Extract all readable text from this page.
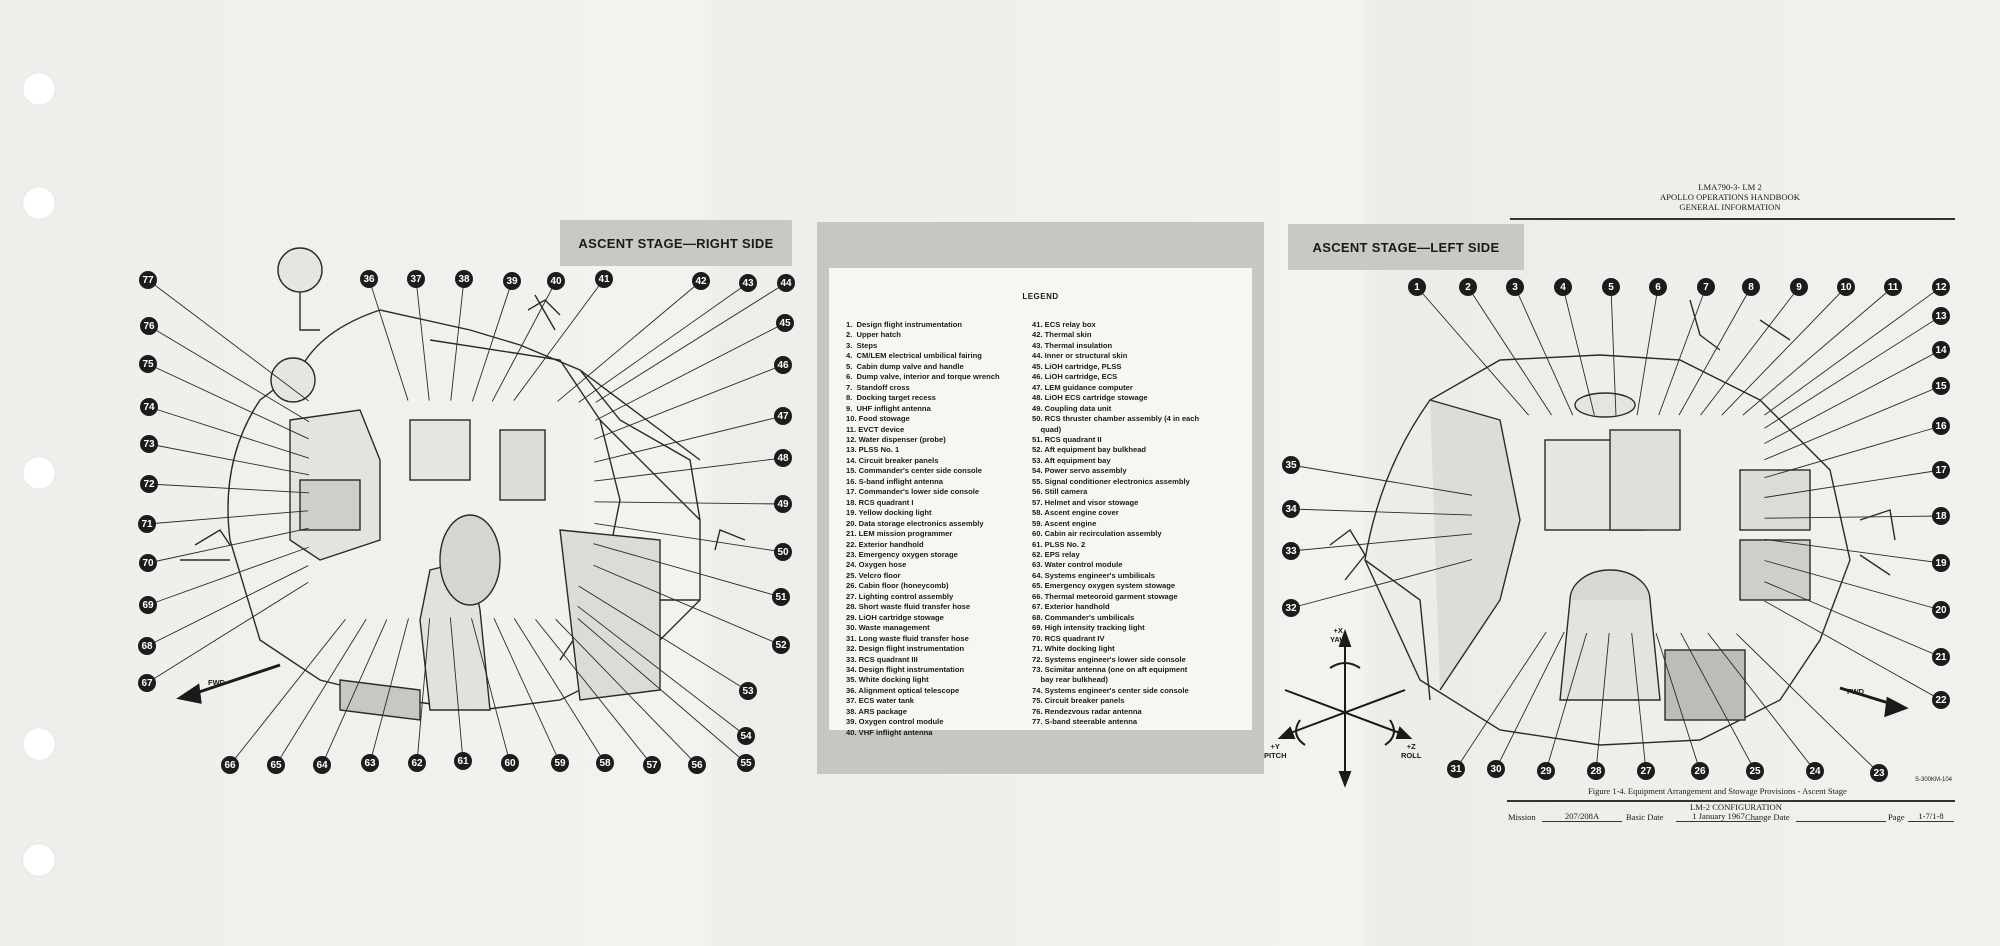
LMA790-3- LM 2
APOLLO OPERATIONS HANDBOOK
GENERAL INFORMATION
ASCENT STAGE—RIGHT SIDE	ASCENT STAGE—LEFT SIDE
36	37	38	39	40	41	42	43	44
45
46
47
48
49
50
51
52
53
54
55
56
57
58
59
60
61
62
63
64
65
66
67
68
69
70
71
72
73
74
75
76
77
1	2	3	4	5	6	7	8	9	10	11	12
13
14
15
16
17
18
19
20
21
22
23
24
25
26
27
28
29
30
31
32
33
34
35
+X
YAW
+Y
PITCH
+Z
ROLL
FWD
FWD
LEGEND
1.  Design flight instrumentation
2.  Upper hatch
3.  Steps
4.  CM/LEM electrical umbilical fairing
5.  Cabin dump valve and handle
6.  Dump valve, interior and torque wrench
7.  Standoff cross
8.  Docking target recess
9.  UHF inflight antenna
10. Food stowage
11. EVCT device
12. Water dispenser (probe)
13. PLSS No. 1
14. Circuit breaker panels
15. Commander's center side console
16. S-band inflight antenna
17. Commander's lower side console
18. RCS quadrant I
19. Yellow docking light
20. Data storage electronics assembly
21. LEM mission programmer
22. Exterior handhold
23. Emergency oxygen storage
24. Oxygen hose
25. Velcro floor
26. Cabin floor (honeycomb)
27. Lighting control assembly
28. Short waste fluid transfer hose
29. LiOH cartridge stowage
30. Waste management
31. Long waste fluid transfer hose
32. Design flight instrumentation
33. RCS quadrant III
34. Design flight instrumentation
35. White docking light
36. Alignment optical telescope
37. ECS water tank
38. ARS package
39. Oxygen control module
40. VHF inflight antenna
41. ECS relay box
42. Thermal skin
43. Thermal insulation
44. Inner or structural skin
45. LiOH cartridge, PLSS
46. LiOH cartridge, ECS
47. LEM guidance computer
48. LiOH ECS cartridge stowage
49. Coupling data unit
50. RCS thruster chamber assembly (4 in each
quad)
51. RCS quadrant II
52. Aft equipment bay bulkhead
53. Aft equipment bay
54. Power servo assembly
55. Signal conditioner electronics assembly
56. Still camera
57. Helmet and visor stowage
58. Ascent engine cover
59. Ascent engine
60. Cabin air recirculation assembly
61. PLSS No. 2
62. EPS relay
63. Water control module
64. Systems engineer's umbilicals
65. Emergency oxygen system stowage
66. Thermal meteoroid garment stowage
67. Exterior handhold
68. Commander's umbilicals
69. High intensity tracking light
70. RCS quadrant IV
71. White docking light
72. Systems engineer's lower side console
73. Scimitar antenna (one on aft equipment
bay rear bulkhead)
74. Systems engineer's center side console
75. Circuit breaker panels
76. Rendezvous radar antenna
77. S-band steerable antenna
S-300KM-104
Figure 1-4. Equipment Arrangement and Stowage Provisions - Ascent Stage
LM-2 CONFIGURATION
Mission	207/208A	Basic Date	1 January 1967 Change Date	Page	1-7/1-8
